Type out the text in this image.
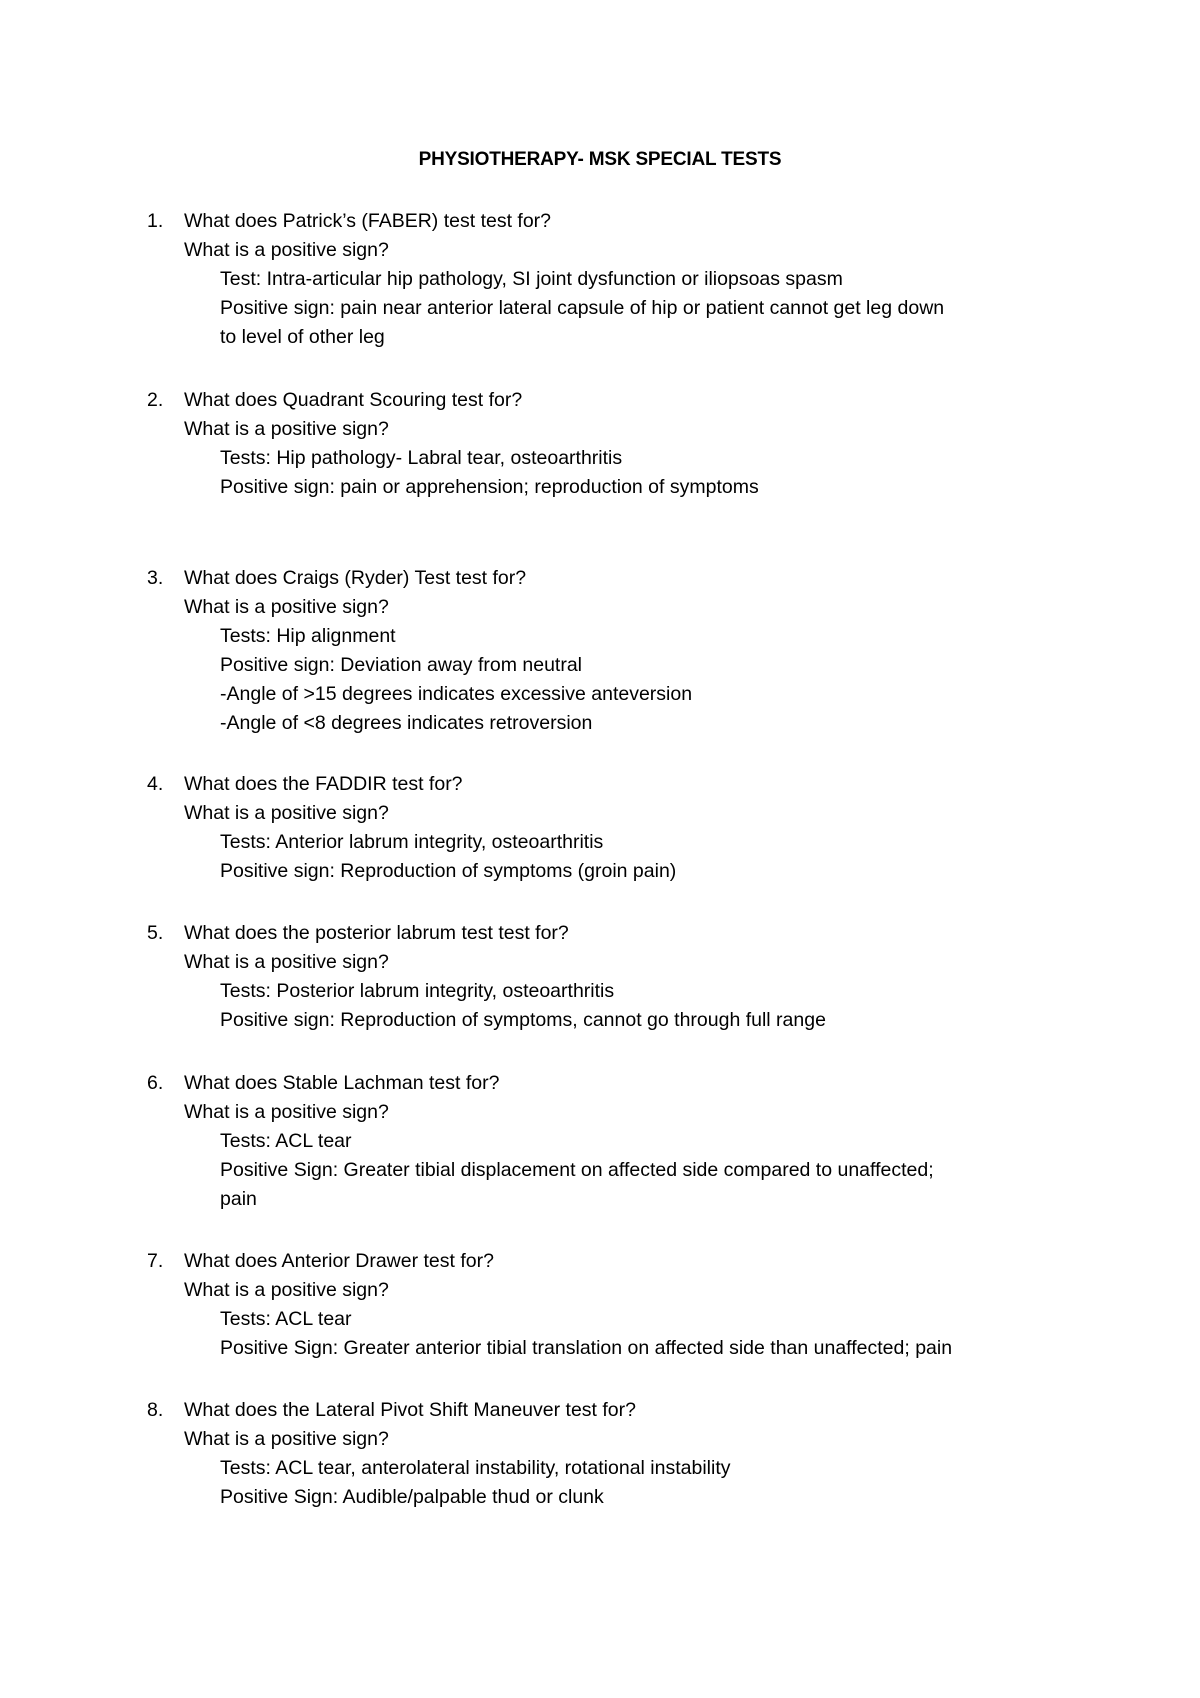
PHYSIOTHERAPY- MSK SPECIAL TESTS
1. What does Patrick’s (FABER) test test for?
What is a positive sign?
Test: Intra-articular hip pathology, SI joint dysfunction or iliopsoas spasm
Positive sign: pain near anterior lateral capsule of hip or patient cannot get leg down
to level of other leg
2. What does Quadrant Scouring test for?
What is a positive sign?
Tests: Hip pathology- Labral tear, osteoarthritis
Positive sign: pain or apprehension; reproduction of symptoms
3. What does Craigs (Ryder) Test test for?
What is a positive sign?
Tests: Hip alignment
Positive sign: Deviation away from neutral
-Angle of >15 degrees indicates excessive anteversion
-Angle of <8 degrees indicates retroversion
4. What does the FADDIR test for?
What is a positive sign?
Tests: Anterior labrum integrity, osteoarthritis
Positive sign: Reproduction of symptoms (groin pain)
5. What does the posterior labrum test test for?
What is a positive sign?
Tests: Posterior labrum integrity, osteoarthritis
Positive sign: Reproduction of symptoms, cannot go through full range
6. What does Stable Lachman test for?
What is a positive sign?
Tests: ACL tear
Positive Sign: Greater tibial displacement on affected side compared to unaffected;
pain
7. What does Anterior Drawer test for?
What is a positive sign?
Tests: ACL tear
Positive Sign: Greater anterior tibial translation on affected side than unaffected; pain
8. What does the Lateral Pivot Shift Maneuver test for?
What is a positive sign?
Tests: ACL tear, anterolateral instability, rotational instability
Positive Sign: Audible/palpable thud or clunk
